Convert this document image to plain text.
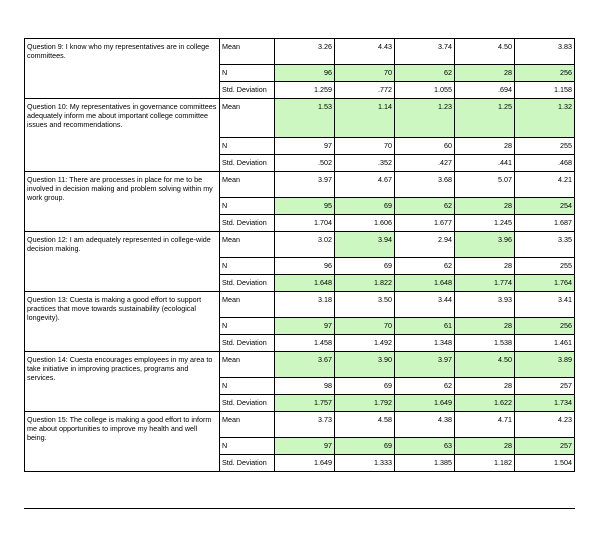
Question 9: I know who my representatives are in college committees.	Mean	3.26	4.43	3.74	4.50	3.83
	N	96	70	62	28	256
	Std. Deviation	1.259	.772	1.055	.694	1.158
Question 10: My representatives in governance committees adequately inform me about important college committee issues and recommendations.	Mean	1.53	1.14	1.23	1.25	1.32
	N	97	70	60	28	255
	Std. Deviation	.502	.352	.427	.441	.468
Question 11: There are processes in place for me to be involved in decision making and problem solving within my work group.	Mean	3.97	4.67	3.68	5.07	4.21
	N	95	69	62	28	254
	Std. Deviation	1.704	1.606	1.677	1.245	1.687
Question 12: I am adequately represented in college-wide decision making.	Mean	3.02	3.94	2.94	3.96	3.35
	N	96	69	62	28	255
	Std. Deviation	1.648	1.822	1.648	1.774	1.764
Question 13: Cuesta is making a good effort to support practices that move towards sustainability (ecological longevity).	Mean	3.18	3.50	3.44	3.93	3.41
	N	97	70	61	28	256
	Std. Deviation	1.458	1.492	1.348	1.538	1.461
Question 14: Cuesta encourages employees in my area to take initiative in improving practices, programs and services.	Mean	3.67	3.90	3.97	4.50	3.89
	N	98	69	62	28	257
	Std. Deviation	1.757	1.792	1.649	1.622	1.734
Question 15: The college is making a good effort to inform me about opportunities to improve my health and well being.	Mean	3.73	4.58	4.38	4.71	4.23
	N	97	69	63	28	257
	Std. Deviation	1.649	1.333	1.385	1.182	1.504
